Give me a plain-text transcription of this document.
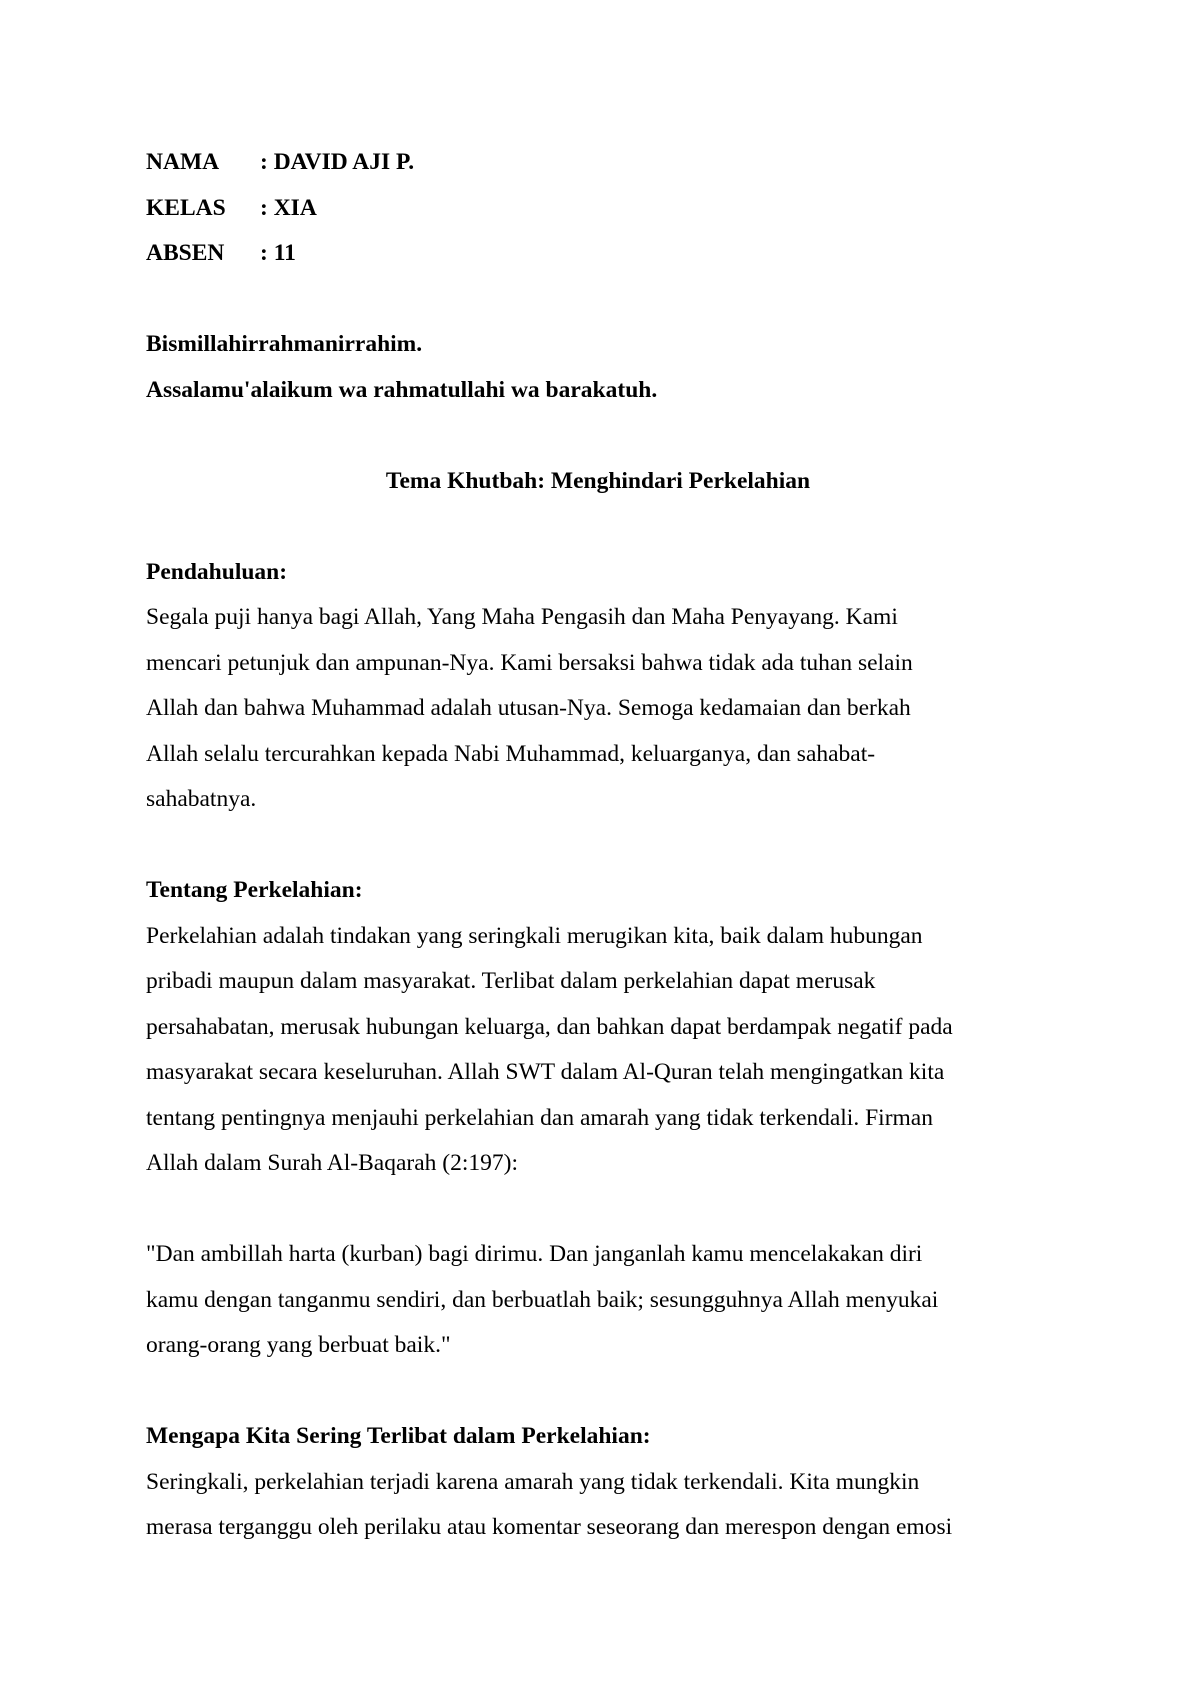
NAMA : DAVID AJI P.
KELAS : XIA
ABSEN : 11
Bismillahirrahmanirrahim.
Assalamu'alaikum wa rahmatullahi wa barakatuh.
Tema Khutbah: Menghindari Perkelahian
Pendahuluan:
Segala puji hanya bagi Allah, Yang Maha Pengasih dan Maha Penyayang. Kami
mencari petunjuk dan ampunan-Nya. Kami bersaksi bahwa tidak ada tuhan selain
Allah dan bahwa Muhammad adalah utusan-Nya. Semoga kedamaian dan berkah
Allah selalu tercurahkan kepada Nabi Muhammad, keluarganya, dan sahabat-
sahabatnya.
Tentang Perkelahian:
Perkelahian adalah tindakan yang seringkali merugikan kita, baik dalam hubungan
pribadi maupun dalam masyarakat. Terlibat dalam perkelahian dapat merusak
persahabatan, merusak hubungan keluarga, dan bahkan dapat berdampak negatif pada
masyarakat secara keseluruhan. Allah SWT dalam Al-Quran telah mengingatkan kita
tentang pentingnya menjauhi perkelahian dan amarah yang tidak terkendali. Firman
Allah dalam Surah Al-Baqarah (2:197):
"Dan ambillah harta (kurban) bagi dirimu. Dan janganlah kamu mencelakakan diri
kamu dengan tanganmu sendiri, dan berbuatlah baik; sesungguhnya Allah menyukai
orang-orang yang berbuat baik."
Mengapa Kita Sering Terlibat dalam Perkelahian:
Seringkali, perkelahian terjadi karena amarah yang tidak terkendali. Kita mungkin
merasa terganggu oleh perilaku atau komentar seseorang dan merespon dengan emosi
